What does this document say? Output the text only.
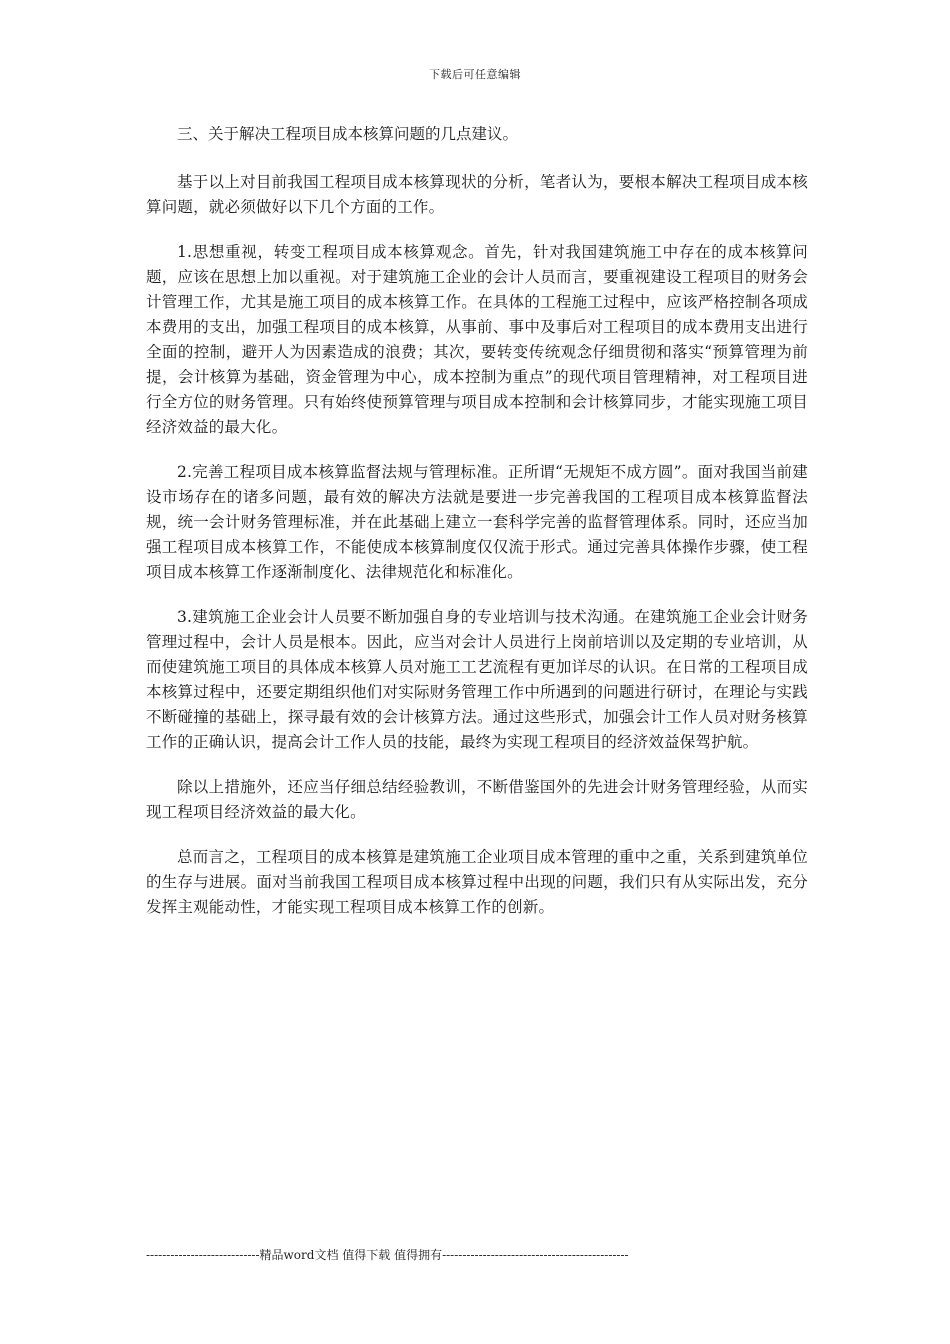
下载后可任意编辑

三、关于解决工程项目成本核算问题的几点建议。

基于以上对目前我国工程项目成本核算现状的分析，笔者认为，要根本解决工程项目成本核算问题，就必须做好以下几个方面的工作。

1.思想重视，转变工程项目成本核算观念。首先，针对我国建筑施工中存在的成本核算问题，应该在思想上加以重视。对于建筑施工企业的会计人员而言，要重视建设工程项目的财务会计管理工作，尤其是施工项目的成本核算工作。在具体的工程施工过程中，应该严格控制各项成本费用的支出，加强工程项目的成本核算，从事前、事中及事后对工程项目的成本费用支出进行全面的控制，避开人为因素造成的浪费；其次，要转变传统观念仔细贯彻和落实“预算管理为前提，会计核算为基础，资金管理为中心，成本控制为重点”的现代项目管理精神，对工程项目进行全方位的财务管理。只有始终使预算管理与项目成本控制和会计核算同步，才能实现施工项目经济效益的最大化。

2.完善工程项目成本核算监督法规与管理标准。正所谓“无规矩不成方圆”。面对我国当前建设市场存在的诸多问题，最有效的解决方法就是要进一步完善我国的工程项目成本核算监督法规，统一会计财务管理标准，并在此基础上建立一套科学完善的监督管理体系。同时，还应当加强工程项目成本核算工作，不能使成本核算制度仅仅流于形式。通过完善具体操作步骤，使工程项目成本核算工作逐渐制度化、法律规范化和标准化。

3.建筑施工企业会计人员要不断加强自身的专业培训与技术沟通。在建筑施工企业会计财务管理过程中，会计人员是根本。因此，应当对会计人员进行上岗前培训以及定期的专业培训，从而使建筑施工项目的具体成本核算人员对施工工艺流程有更加详尽的认识。在日常的工程项目成本核算过程中，还要定期组织他们对实际财务管理工作中所遇到的问题进行研讨，在理论与实践不断碰撞的基础上，探寻最有效的会计核算方法。通过这些形式，加强会计工作人员对财务核算工作的正确认识，提高会计工作人员的技能，最终为实现工程项目的经济效益保驾护航。

除以上措施外，还应当仔细总结经验教训，不断借鉴国外的先进会计财务管理经验，从而实现工程项目经济效益的最大化。

总而言之，工程项目的成本核算是建筑施工企业项目成本管理的重中之重，关系到建筑单位的生存与进展。面对当前我国工程项目成本核算过程中出现的问题，我们只有从实际出发，充分发挥主观能动性，才能实现工程项目成本核算工作的创新。

----------------------------精品word文档 值得下载 值得拥有----------------------------------------------
